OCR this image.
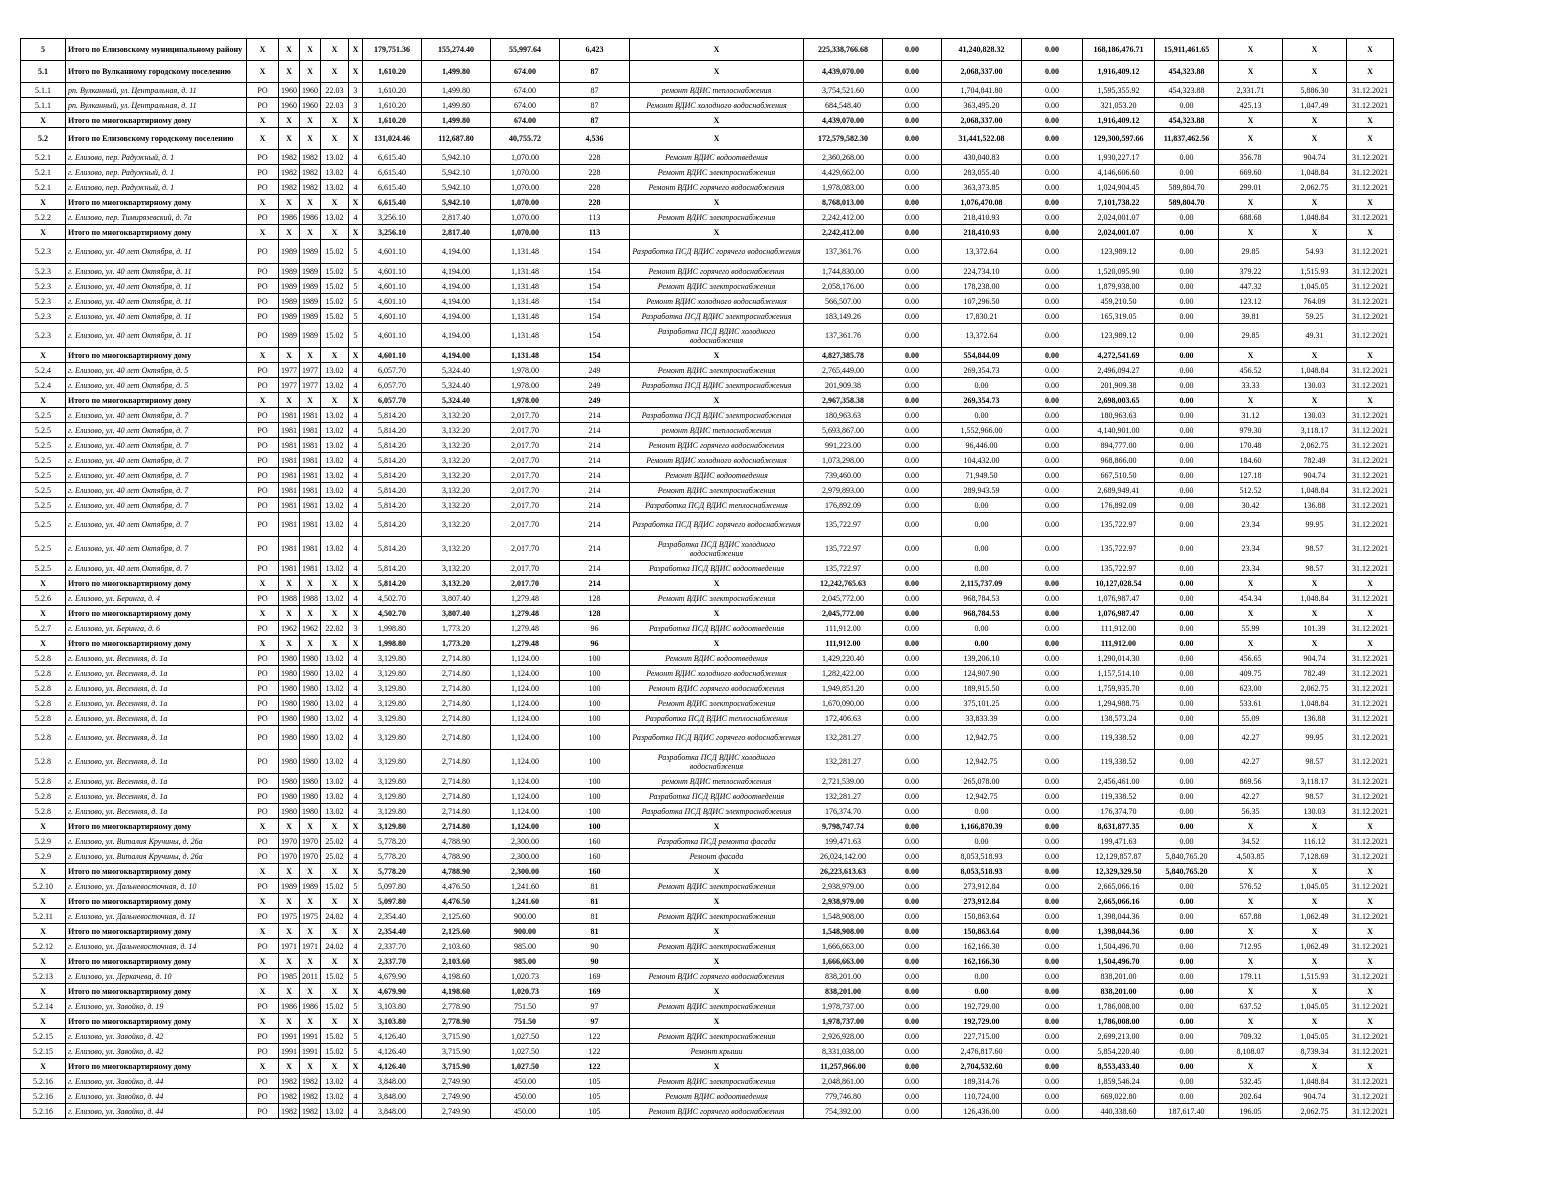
5	Итого по Елизовскому муниципальному району	X	X	X	X	X	179,751.36	155,274.40	55,997.64	6,423	X	225,338,766.68	0.00	41,240,828.32	0.00	168,186,476.71	15,911,461.65	X	X	X
5.1	Итого по Вулканному городскому поселению	X	X	X	X	X	1,610.20	1,499.80	674.00	87	X	4,439,070.00	0.00	2,068,337.00	0.00	1,916,409.12	454,323.88	X	X	X
5.1.1	рп. Вулканный, ул. Центральная, д. 11	РО	1960	1960	22.03	3	1,610.20	1,499.80	674.00	87	ремонт ВДИС теплоснабжения	3,754,521.60	0.00	1,704,841.80	0.00	1,595,355.92	454,323.88	2,331.71	5,886.30	31.12.2021
5.1.1	рп. Вулканный, ул. Центральная, д. 11	РО	1960	1960	22.03	3	1,610.20	1,499.80	674.00	87	Ремонт ВДИС холодного водоснабжения	684,548.40	0.00	363,495.20	0.00	321,053.20	0.00	425.13	1,047.49	31.12.2021
X	Итого по многоквартирному дому	X	X	X	X	X	1,610.20	1,499.80	674.00	87	X	4,439,070.00	0.00	2,068,337.00	0.00	1,916,409.12	454,323.88	X	X	X
5.2	Итого по Елизовскому городскому поселению	X	X	X	X	X	131,024.46	112,687.80	40,755.72	4,536	X	172,579,582.30	0.00	31,441,522.08	0.00	129,300,597.66	11,837,462.56	X	X	X
5.2.1	г. Елизово, пер. Радужный, д. 1	РО	1982	1982	13.02	4	6,615.40	5,942.10	1,070.00	228	Ремонт ВДИС водоотведения	2,360,268.00	0.00	430,040.83	0.00	1,930,227.17	0.00	356.78	904.74	31.12.2021
5.2.1	г. Елизово, пер. Радужный, д. 1	РО	1982	1982	13.02	4	6,615.40	5,942.10	1,070.00	228	Ремонт ВДИС электроснабжения	4,429,662.00	0.00	283,055.40	0.00	4,146,606.60	0.00	669.60	1,048.84	31.12.2021
5.2.1	г. Елизово, пер. Радужный, д. 1	РО	1982	1982	13.02	4	6,615.40	5,942.10	1,070.00	228	Ремонт ВДИС горячего водоснабжения	1,978,083.00	0.00	363,373.85	0.00	1,024,904.45	589,804.70	299.01	2,062.75	31.12.2021
X	Итого по многоквартирному дому	X	X	X	X	X	6,615.40	5,942.10	1,070.00	228	X	8,768,013.00	0.00	1,076,470.08	0.00	7,101,738.22	589,804.70	X	X	X
5.2.2	г. Елизово, пер. Тимирязевский, д. 7а	РО	1986	1986	13.02	4	3,256.10	2,817.40	1,070.00	113	Ремонт ВДИС электроснабжения	2,242,412.00	0.00	218,410.93	0.00	2,024,001.07	0.00	688.68	1,048.84	31.12.2021
X	Итого по многоквартирному дому	X	X	X	X	X	3,256.10	2,817.40	1,070.00	113	X	2,242,412.00	0.00	218,410.93	0.00	2,024,001.07	0.00	X	X	X
5.2.3	г. Елизово, ул. 40 лет Октября, д. 11	РО	1989	1989	15.02	5	4,601.10	4,194.00	1,131.48	154	Разработка ПСД ВДИС горячего водоснабжения	137,361.76	0.00	13,372.64	0.00	123,989.12	0.00	29.85	54.93	31.12.2021
5.2.3	г. Елизово, ул. 40 лет Октября, д. 11	РО	1989	1989	15.02	5	4,601.10	4,194.00	1,131.48	154	Ремонт ВДИС горячего водоснабжения	1,744,830.00	0.00	224,734.10	0.00	1,520,095.90	0.00	379.22	1,515.93	31.12.2021
5.2.3	г. Елизово, ул. 40 лет Октября, д. 11	РО	1989	1989	15.02	5	4,601.10	4,194.00	1,131.48	154	Ремонт ВДИС электроснабжения	2,058,176.00	0.00	178,238.00	0.00	1,879,938.00	0.00	447.32	1,045.05	31.12.2021
5.2.3	г. Елизово, ул. 40 лет Октября, д. 11	РО	1989	1989	15.02	5	4,601.10	4,194.00	1,131.48	154	Ремонт ВДИС холодного водоснабжения	566,507.00	0.00	107,296.50	0.00	459,210.50	0.00	123.12	764.09	31.12.2021
5.2.3	г. Елизово, ул. 40 лет Октября, д. 11	РО	1989	1989	15.02	5	4,601.10	4,194.00	1,131.48	154	Разработка ПСД ВДИС электроснабжения	183,149.26	0.00	17,830.21	0.00	165,319.05	0.00	39.81	59.25	31.12.2021
5.2.3	г. Елизово, ул. 40 лет Октября, д. 11	РО	1989	1989	15.02	5	4,601.10	4,194.00	1,131.48	154	Разработка ПСД ВДИС холодного водоснабжения	137,361.76	0.00	13,372.64	0.00	123,989.12	0.00	29.85	49.31	31.12.2021
X	Итого по многоквартирному дому	X	X	X	X	X	4,601.10	4,194.00	1,131.48	154	X	4,827,385.78	0.00	554,844.09	0.00	4,272,541.69	0.00	X	X	X
5.2.4	г. Елизово, ул. 40 лет Октября, д. 5	РО	1977	1977	13.02	4	6,057.70	5,324.40	1,978.00	249	Ремонт ВДИС электроснабжения	2,765,449.00	0.00	269,354.73	0.00	2,496,094.27	0.00	456.52	1,048.84	31.12.2021
5.2.4	г. Елизово, ул. 40 лет Октября, д. 5	РО	1977	1977	13.02	4	6,057.70	5,324.40	1,978.00	249	Разработка ПСД ВДИС электроснабжения	201,909.38	0.00	0.00	0.00	201,909.38	0.00	33.33	130.03	31.12.2021
X	Итого по многоквартирному дому	X	X	X	X	X	6,057.70	5,324.40	1,978.00	249	X	2,967,358.38	0.00	269,354.73	0.00	2,698,003.65	0.00	X	X	X
5.2.5	г. Елизово, ул. 40 лет Октября, д. 7	РО	1981	1981	13.02	4	5,814.20	3,132.20	2,017.70	214	Разработка ПСД ВДИС электроснабжения	180,963.63	0.00	0.00	0.00	180,963.63	0.00	31.12	130.03	31.12.2021
5.2.5	г. Елизово, ул. 40 лет Октября, д. 7	РО	1981	1981	13.02	4	5,814.20	3,132.20	2,017.70	214	ремонт ВДИС теплоснабжения	5,693,867.00	0.00	1,552,966.00	0.00	4,140,901.00	0.00	979.30	3,118.17	31.12.2021
5.2.5	г. Елизово, ул. 40 лет Октября, д. 7	РО	1981	1981	13.02	4	5,814.20	3,132.20	2,017.70	214	Ремонт ВДИС горячего водоснабжения	991,223.00	0.00	96,446.00	0.00	894,777.00	0.00	170.48	2,062.75	31.12.2021
5.2.5	г. Елизово, ул. 40 лет Октября, д. 7	РО	1981	1981	13.02	4	5,814.20	3,132.20	2,017.70	214	Ремонт ВДИС холодного водоснабжения	1,073,298.00	0.00	104,432.00	0.00	968,866.00	0.00	184.60	782.49	31.12.2021
5.2.5	г. Елизово, ул. 40 лет Октября, д. 7	РО	1981	1981	13.02	4	5,814.20	3,132.20	2,017.70	214	Ремонт ВДИС водоотведения	739,460.00	0.00	71,949.50	0.00	667,510.50	0.00	127.18	904.74	31.12.2021
5.2.5	г. Елизово, ул. 40 лет Октября, д. 7	РО	1981	1981	13.02	4	5,814.20	3,132.20	2,017.70	214	Ремонт ВДИС электроснабжения	2,979,893.00	0.00	289,943.59	0.00	2,689,949.41	0.00	512.52	1,048.84	31.12.2021
5.2.5	г. Елизово, ул. 40 лет Октября, д. 7	РО	1981	1981	13.02	4	5,814.20	3,132.20	2,017.70	214	Разработка ПСД ВДИС теплоснабжения	176,892.09	0.00	0.00	0.00	176,892.09	0.00	30.42	136.88	31.12.2021
5.2.5	г. Елизово, ул. 40 лет Октября, д. 7	РО	1981	1981	13.02	4	5,814.20	3,132.20	2,017.70	214	Разработка ПСД ВДИС горячего водоснабжения	135,722.97	0.00	0.00	0.00	135,722.97	0.00	23.34	99.95	31.12.2021
5.2.5	г. Елизово, ул. 40 лет Октября, д. 7	РО	1981	1981	13.02	4	5,814.20	3,132.20	2,017.70	214	Разработка ПСД ВДИС холодного водоснабжения	135,722.97	0.00	0.00	0.00	135,722.97	0.00	23.34	98.57	31.12.2021
5.2.5	г. Елизово, ул. 40 лет Октября, д. 7	РО	1981	1981	13.02	4	5,814.20	3,132.20	2,017.70	214	Разработка ПСД ВДИС водоотведения	135,722.97	0.00	0.00	0.00	135,722.97	0.00	23.34	98.57	31.12.2021
X	Итого по многоквартирному дому	X	X	X	X	X	5,814.20	3,132.20	2,017.70	214	X	12,242,765.63	0.00	2,115,737.09	0.00	10,127,028.54	0.00	X	X	X
5.2.6	г. Елизово, ул. Беринга, д. 4	РО	1988	1988	13.02	4	4,502.70	3,807.40	1,279.48	128	Ремонт ВДИС электроснабжения	2,045,772.00	0.00	968,784.53	0.00	1,076,987.47	0.00	454.34	1,048.84	31.12.2021
X	Итого по многоквартирному дому	X	X	X	X	X	4,502.70	3,807.40	1,279.48	128	X	2,045,772.00	0.00	968,784.53	0.00	1,076,987.47	0.00	X	X	X
5.2.7	г. Елизово, ул. Беринга, д. 6	РО	1962	1962	22.02	3	1,998.80	1,773.20	1,279.48	96	Разработка ПСД ВДИС водоотведения	111,912.00	0.00	0.00	0.00	111,912.00	0.00	55.99	101.39	31.12.2021
X	Итого по многоквартирному дому	X	X	X	X	X	1,998.80	1,773.20	1,279.48	96	X	111,912.00	0.00	0.00	0.00	111,912.00	0.00	X	X	X
5.2.8	г. Елизово, ул. Весенняя, д. 1а	РО	1980	1980	13.02	4	3,129.80	2,714.80	1,124.00	100	Ремонт ВДИС водоотведения	1,429,220.40	0.00	139,206.10	0.00	1,290,014.30	0.00	456.65	904.74	31.12.2021
5.2.8	г. Елизово, ул. Весенняя, д. 1а	РО	1980	1980	13.02	4	3,129.80	2,714.80	1,124.00	100	Ремонт ВДИС холодного водоснабжения	1,282,422.00	0.00	124,907.90	0.00	1,157,514.10	0.00	409.75	782.49	31.12.2021
5.2.8	г. Елизово, ул. Весенняя, д. 1а	РО	1980	1980	13.02	4	3,129.80	2,714.80	1,124.00	100	Ремонт ВДИС горячего водоснабжения	1,949,851.20	0.00	189,915.50	0.00	1,759,935.70	0.00	623.00	2,062.75	31.12.2021
5.2.8	г. Елизово, ул. Весенняя, д. 1а	РО	1980	1980	13.02	4	3,129.80	2,714.80	1,124.00	100	Ремонт ВДИС электроснабжения	1,670,090.00	0.00	375,101.25	0.00	1,294,988.75	0.00	533.61	1,048.84	31.12.2021
5.2.8	г. Елизово, ул. Весенняя, д. 1а	РО	1980	1980	13.02	4	3,129.80	2,714.80	1,124.00	100	Разработка ПСД ВДИС теплоснабжения	172,406.63	0.00	33,833.39	0.00	138,573.24	0.00	55.09	136.88	31.12.2021
5.2.8	г. Елизово, ул. Весенняя, д. 1а	РО	1980	1980	13.02	4	3,129.80	2,714.80	1,124.00	100	Разработка ПСД ВДИС горячего водоснабжения	132,281.27	0.00	12,942.75	0.00	119,338.52	0.00	42.27	99.95	31.12.2021
5.2.8	г. Елизово, ул. Весенняя, д. 1а	РО	1980	1980	13.02	4	3,129.80	2,714.80	1,124.00	100	Разработка ПСД ВДИС холодного водоснабжения	132,281.27	0.00	12,942.75	0.00	119,338.52	0.00	42.27	98.57	31.12.2021
5.2.8	г. Елизово, ул. Весенняя, д. 1а	РО	1980	1980	13.02	4	3,129.80	2,714.80	1,124.00	100	ремонт ВДИС теплоснабжения	2,721,539.00	0.00	265,078.00	0.00	2,456,461.00	0.00	869.56	3,118.17	31.12.2021
5.2.8	г. Елизово, ул. Весенняя, д. 1а	РО	1980	1980	13.02	4	3,129.80	2,714.80	1,124.00	100	Разработка ПСД ВДИС водоотведения	132,281.27	0.00	12,942.75	0.00	119,338.52	0.00	42.27	98.57	31.12.2021
5.2.8	г. Елизово, ул. Весенняя, д. 1а	РО	1980	1980	13.02	4	3,129.80	2,714.80	1,124.00	100	Разработка ПСД ВДИС электроснабжения	176,374.70	0.00	0.00	0.00	176,374.70	0.00	56.35	130.03	31.12.2021
X	Итого по многоквартирному дому	X	X	X	X	X	3,129.80	2,714.80	1,124.00	100	X	9,798,747.74	0.00	1,166,870.39	0.00	8,631,877.35	0.00	X	X	X
5.2.9	г. Елизово, ул. Виталия Кручины, д. 26а	РО	1970	1970	25.02	4	5,778.20	4,788.90	2,300.00	160	Разработка ПСД ремонта фасада	199,471.63	0.00	0.00	0.00	199,471.63	0.00	34.52	116.12	31.12.2021
5.2.9	г. Елизово, ул. Виталия Кручины, д. 26а	РО	1970	1970	25.02	4	5,778.20	4,788.90	2,300.00	160	Ремонт фасада	26,024,142.00	0.00	8,053,518.93	0.00	12,129,857.87	5,840,765.20	4,503.85	7,128.69	31.12.2021
X	Итого по многоквартирному дому	X	X	X	X	X	5,778.20	4,788.90	2,300.00	160	X	26,223,613.63	0.00	8,053,518.93	0.00	12,329,329.50	5,840,765.20	X	X	X
5.2.10	г. Елизово, ул. Дальневосточная, д. 10	РО	1989	1989	15.02	5	5,097.80	4,476.50	1,241.60	81	Ремонт ВДИС электроснабжения	2,938,979.00	0.00	273,912.84	0.00	2,665,066.16	0.00	576.52	1,045.05	31.12.2021
X	Итого по многоквартирному дому	X	X	X	X	X	5,097.80	4,476.50	1,241.60	81	X	2,938,979.00	0.00	273,912.84	0.00	2,665,066.16	0.00	X	X	X
5.2.11	г. Елизово, ул. Дальневосточная, д. 11	РО	1975	1975	24.02	4	2,354.40	2,125.60	900.00	81	Ремонт ВДИС электроснабжения	1,548,908.00	0.00	150,863.64	0.00	1,398,044.36	0.00	657.88	1,062.49	31.12.2021
X	Итого по многоквартирному дому	X	X	X	X	X	2,354.40	2,125.60	900.00	81	X	1,548,908.00	0.00	150,863.64	0.00	1,398,044.36	0.00	X	X	X
5.2.12	г. Елизово, ул. Дальневосточная, д. 14	РО	1971	1971	24.02	4	2,337.70	2,103.60	985.00	90	Ремонт ВДИС электроснабжения	1,666,663.00	0.00	162,166.30	0.00	1,504,496.70	0.00	712.95	1,062.49	31.12.2021
X	Итого по многоквартирному дому	X	X	X	X	X	2,337.70	2,103.60	985.00	90	X	1,666,663.00	0.00	162,166.30	0.00	1,504,496.70	0.00	X	X	X
5.2.13	г. Елизово, ул. Деркачева, д. 10	РО	1985	2011	15.02	5	4,679.90	4,198.60	1,020.73	169	Ремонт ВДИС горячего водоснабжения	838,201.00	0.00	0.00	0.00	838,201.00	0.00	179.11	1,515.93	31.12.2021
X	Итого по многоквартирному дому	X	X	X	X	X	4,679.90	4,198.60	1,020.73	169	X	838,201.00	0.00	0.00	0.00	838,201.00	0.00	X	X	X
5.2.14	г. Елизово, ул. Завойко, д. 19	РО	1986	1986	15.02	5	3,103.80	2,778.90	751.50	97	Ремонт ВДИС электроснабжения	1,978,737.00	0.00	192,729.00	0.00	1,786,008.00	0.00	637.52	1,045.05	31.12.2021
X	Итого по многоквартирному дому	X	X	X	X	X	3,103.80	2,778.90	751.50	97	X	1,978,737.00	0.00	192,729.00	0.00	1,786,008.00	0.00	X	X	X
5.2.15	г. Елизово, ул. Завойко, д. 42	РО	1991	1991	15.02	5	4,126.40	3,715.90	1,027.50	122	Ремонт ВДИС электроснабжения	2,926,928.00	0.00	227,715.00	0.00	2,699,213.00	0.00	709.32	1,045.05	31.12.2021
5.2.15	г. Елизово, ул. Завойко, д. 42	РО	1991	1991	15.02	5	4,126.40	3,715.90	1,027.50	122	Ремонт крыши	8,331,038.00	0.00	2,476,817.60	0.00	5,854,220.40	0.00	8,108.07	8,739.34	31.12.2021
X	Итого по многоквартирному дому	X	X	X	X	X	4,126.40	3,715.90	1,027.50	122	X	11,257,966.00	0.00	2,704,532.60	0.00	8,553,433.40	0.00	X	X	X
5.2.16	г. Елизово, ул. Завойко, д. 44	РО	1982	1982	13.02	4	3,848.00	2,749.90	450.00	105	Ремонт ВДИС электроснабжения	2,048,861.00	0.00	189,314.76	0.00	1,859,546.24	0.00	532.45	1,048.84	31.12.2021
5.2.16	г. Елизово, ул. Завойко, д. 44	РО	1982	1982	13.02	4	3,848.00	2,749.90	450.00	105	Ремонт ВДИС водоотведения	779,746.80	0.00	110,724.00	0.00	669,022.80	0.00	202.64	904.74	31.12.2021
5.2.16	г. Елизово, ул. Завойко, д. 44	РО	1982	1982	13.02	4	3,848.00	2,749.90	450.00	105	Ремонт ВДИС горячего водоснабжения	754,392.00	0.00	126,436.00	0.00	440,338.60	187,617.40	196.05	2,062.75	31.12.2021
